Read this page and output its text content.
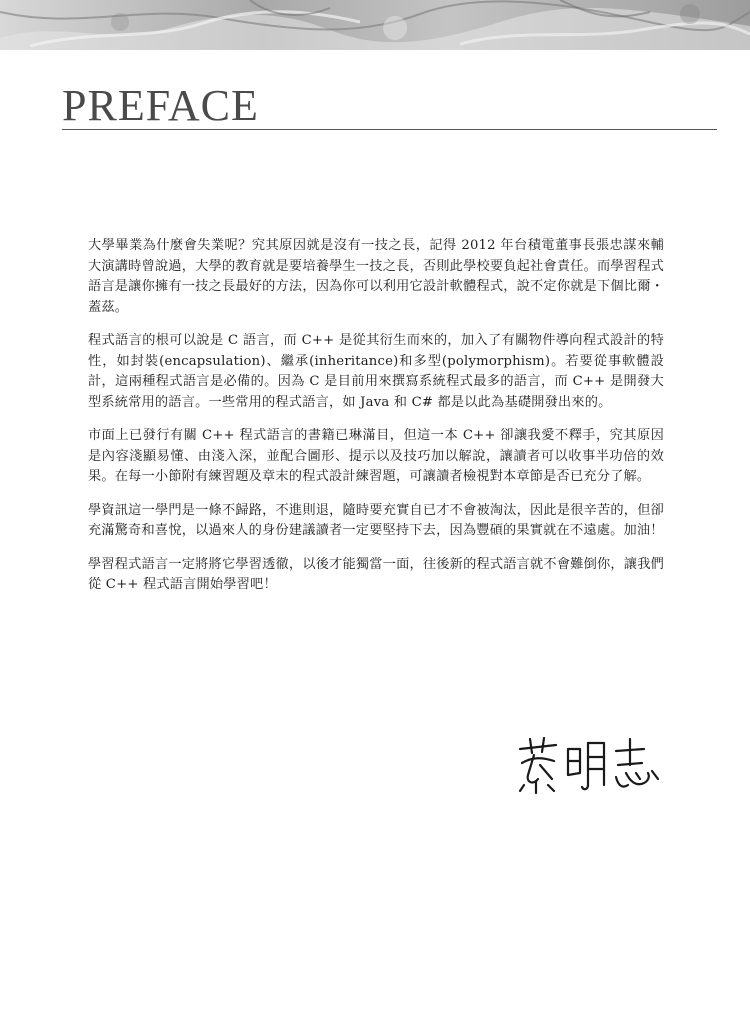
PREFACE

大學畢業為什麼會失業呢？究其原因就是沒有一技之長，記得 2012 年台積電董事長張忠謀來輔大演講時曾說過，大學的教育就是要培養學生一技之長，否則此學校要負起社會責任。而學習程式語言是讓你擁有一技之長最好的方法，因為你可以利用它設計軟體程式，說不定你就是下個比爾・蓋茲。

程式語言的根可以說是 C 語言，而 C++ 是從其衍生而來的，加入了有關物件導向程式設計的特性，如封裝(encapsulation)、繼承(inheritance)和多型(polymorphism)。若要從事軟體設計，這兩種程式語言是必備的。因為 C 是目前用來撰寫系統程式最多的語言，而 C++ 是開發大型系統常用的語言。一些常用的程式語言，如 Java 和 C# 都是以此為基礎開發出來的。

市面上已發行有關 C++ 程式語言的書籍已琳滿目，但這一本 C++ 卻讓我愛不釋手，究其原因是內容淺顯易懂、由淺入深，並配合圖形、提示以及技巧加以解說，讓讀者可以收事半功倍的效果。在每一小節附有練習題及章末的程式設計練習題，可讓讀者檢視對本章節是否已充分了解。

學資訊這一學門是一條不歸路，不進則退，隨時要充實自已才不會被淘汰，因此是很辛苦的，但卻充滿驚奇和喜悅，以過來人的身份建議讀者一定要堅持下去，因為豐碩的果實就在不遠處。加油！

學習程式語言一定將將它學習透徹，以後才能獨當一面，往後新的程式語言就不會難倒你，讓我們從 C++ 程式語言開始學習吧！
